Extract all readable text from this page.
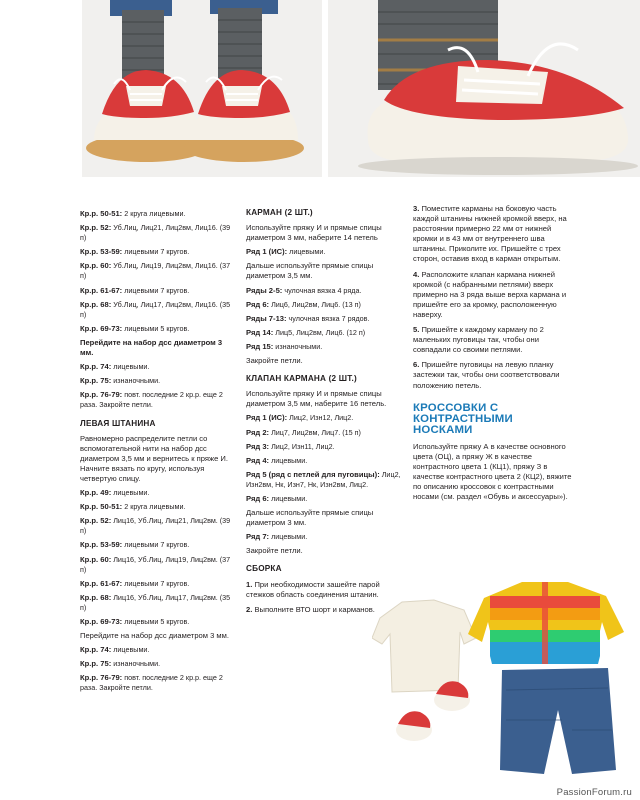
Кр.р. 50-51: 2 круга лицевыми.

Кр.р. 52: Уб.Лиц, Лиц21, Лиц2вм, Лиц16. (39 п)

Кр.р. 53-59: лицевыми 7 кругов.

Кр.р. 60: Уб.Лиц, Лиц19, Лиц2вм, Лиц16. (37 п)

Кр.р. 61-67: лицевыми 7 кругов.

Кр.р. 68: Уб.Лиц, Лиц17, Лиц2вм, Лиц16. (35 п)

Кр.р. 69-73: лицевыми 5 кругов.

Перейдите на набор дсс диаметром 3 мм.

Кр.р. 74: лицевыми.

Кр.р. 75: изнаночными.

Кр.р. 76-79: повт. последние 2 кр.р. еще 2 раза. Закройте петли.

ЛЕВАЯ ШТАНИНА

Равномерно распределите петли со вспомогательной нити на набор дсс диаметром 3,5 мм и вернитесь к пряже И. Начните вязать по кругу, используя четвертую спицу.

Кр.р. 49: лицевыми.

Кр.р. 50-51: 2 круга лицевыми.

Кр.р. 52: Лиц16, Уб.Лиц, Лиц21, Лиц2вм. (39 п)

Кр.р. 53-59: лицевыми 7 кругов.

Кр.р. 60: Лиц16, Уб.Лиц, Лиц19, Лиц2вм. (37 п)

Кр.р. 61-67: лицевыми 7 кругов.

Кр.р. 68: Лиц16, Уб.Лиц, Лиц17, Лиц2вм. (35 п)

Кр.р. 69-73: лицевыми 5 кругов.

Перейдите на набор дсс диаметром 3 мм.

Кр.р. 74: лицевыми.

Кр.р. 75: изнаночными.

Кр.р. 76-79: повт. последние 2 кр.р. еще 2 раза. Закройте петли.

КАРМАН (2 ШТ.)

Используйте пряжу И и прямые спицы диаметром 3 мм, наберите 14 петель

Ряд 1 (ИС): лицевыми.

Дальше используйте прямые спицы диаметром 3,5 мм.

Ряды 2-5: чулочная вязка 4 ряда.

Ряд 6: Лиц6, Лиц2вм, Лиц6. (13 п)

Ряды 7-13: чулочная вязка 7 рядов.

Ряд 14: Лиц5, Лиц2вм, Лиц6. (12 п)

Ряд 15: изнаночными.

Закройте петли.

КЛАПАН КАРМАНА (2 ШТ.)

Используйте пряжу И и прямые спицы диаметром 3,5 мм, наберите 16 петель.

Ряд 1 (ИС): Лиц2, Изн12, Лиц2.

Ряд 2: Лиц7, Лиц2вм, Лиц7. (15 п)

Ряд 3: Лиц2, Изн11, Лиц2.

Ряд 4: лицевыми.

Ряд 5 (ряд с петлей для пуговицы): Лиц2, Изн2вм, Нк, Изн7, Нк, Изн2вм, Лиц2.

Ряд 6: лицевыми.

Дальше используйте прямые спицы диаметром 3 мм.

Ряд 7: лицевыми.

Закройте петли.

СБОРКА

1. При необходимости зашейте парой стежков область соединения штанин.

2. Выполните ВТО шорт и карманов.

3. Поместите карманы на боковую часть каждой штанины нижней кромкой вверх, на расстоянии примерно 22 мм от нижней кромки и в 43 мм от внутреннего шва штанины. Приколите их. Пришейте с трех сторон, оставив вход в карман открытым.

4. Расположите клапан кармана нижней кромкой (с набранными петлями) вверх примерно на 3 ряда выше верха кармана и пришейте его за кромку, расположенную наверху.

5. Пришейте к каждому карману по 2 маленьких пуговицы так, чтобы они совпадали со своими петлями.

6. Пришейте пуговицы на левую планку застежки так, чтобы они соответствовали положению петель.

КРОССОВКИ С КОНТРАСТНЫМИ НОСКАМИ

Используйте пряжу А в качестве основного цвета (ОЦ), а пряжу Ж в качестве контрастного цвета 1 (КЦ1), пряжу З в качестве контрастного цвета 2 (КЦ2), вяжите по описанию кроссовок с контрастными носами (см. раздел «Обувь и аксессуары»).

PassionForum.ru
